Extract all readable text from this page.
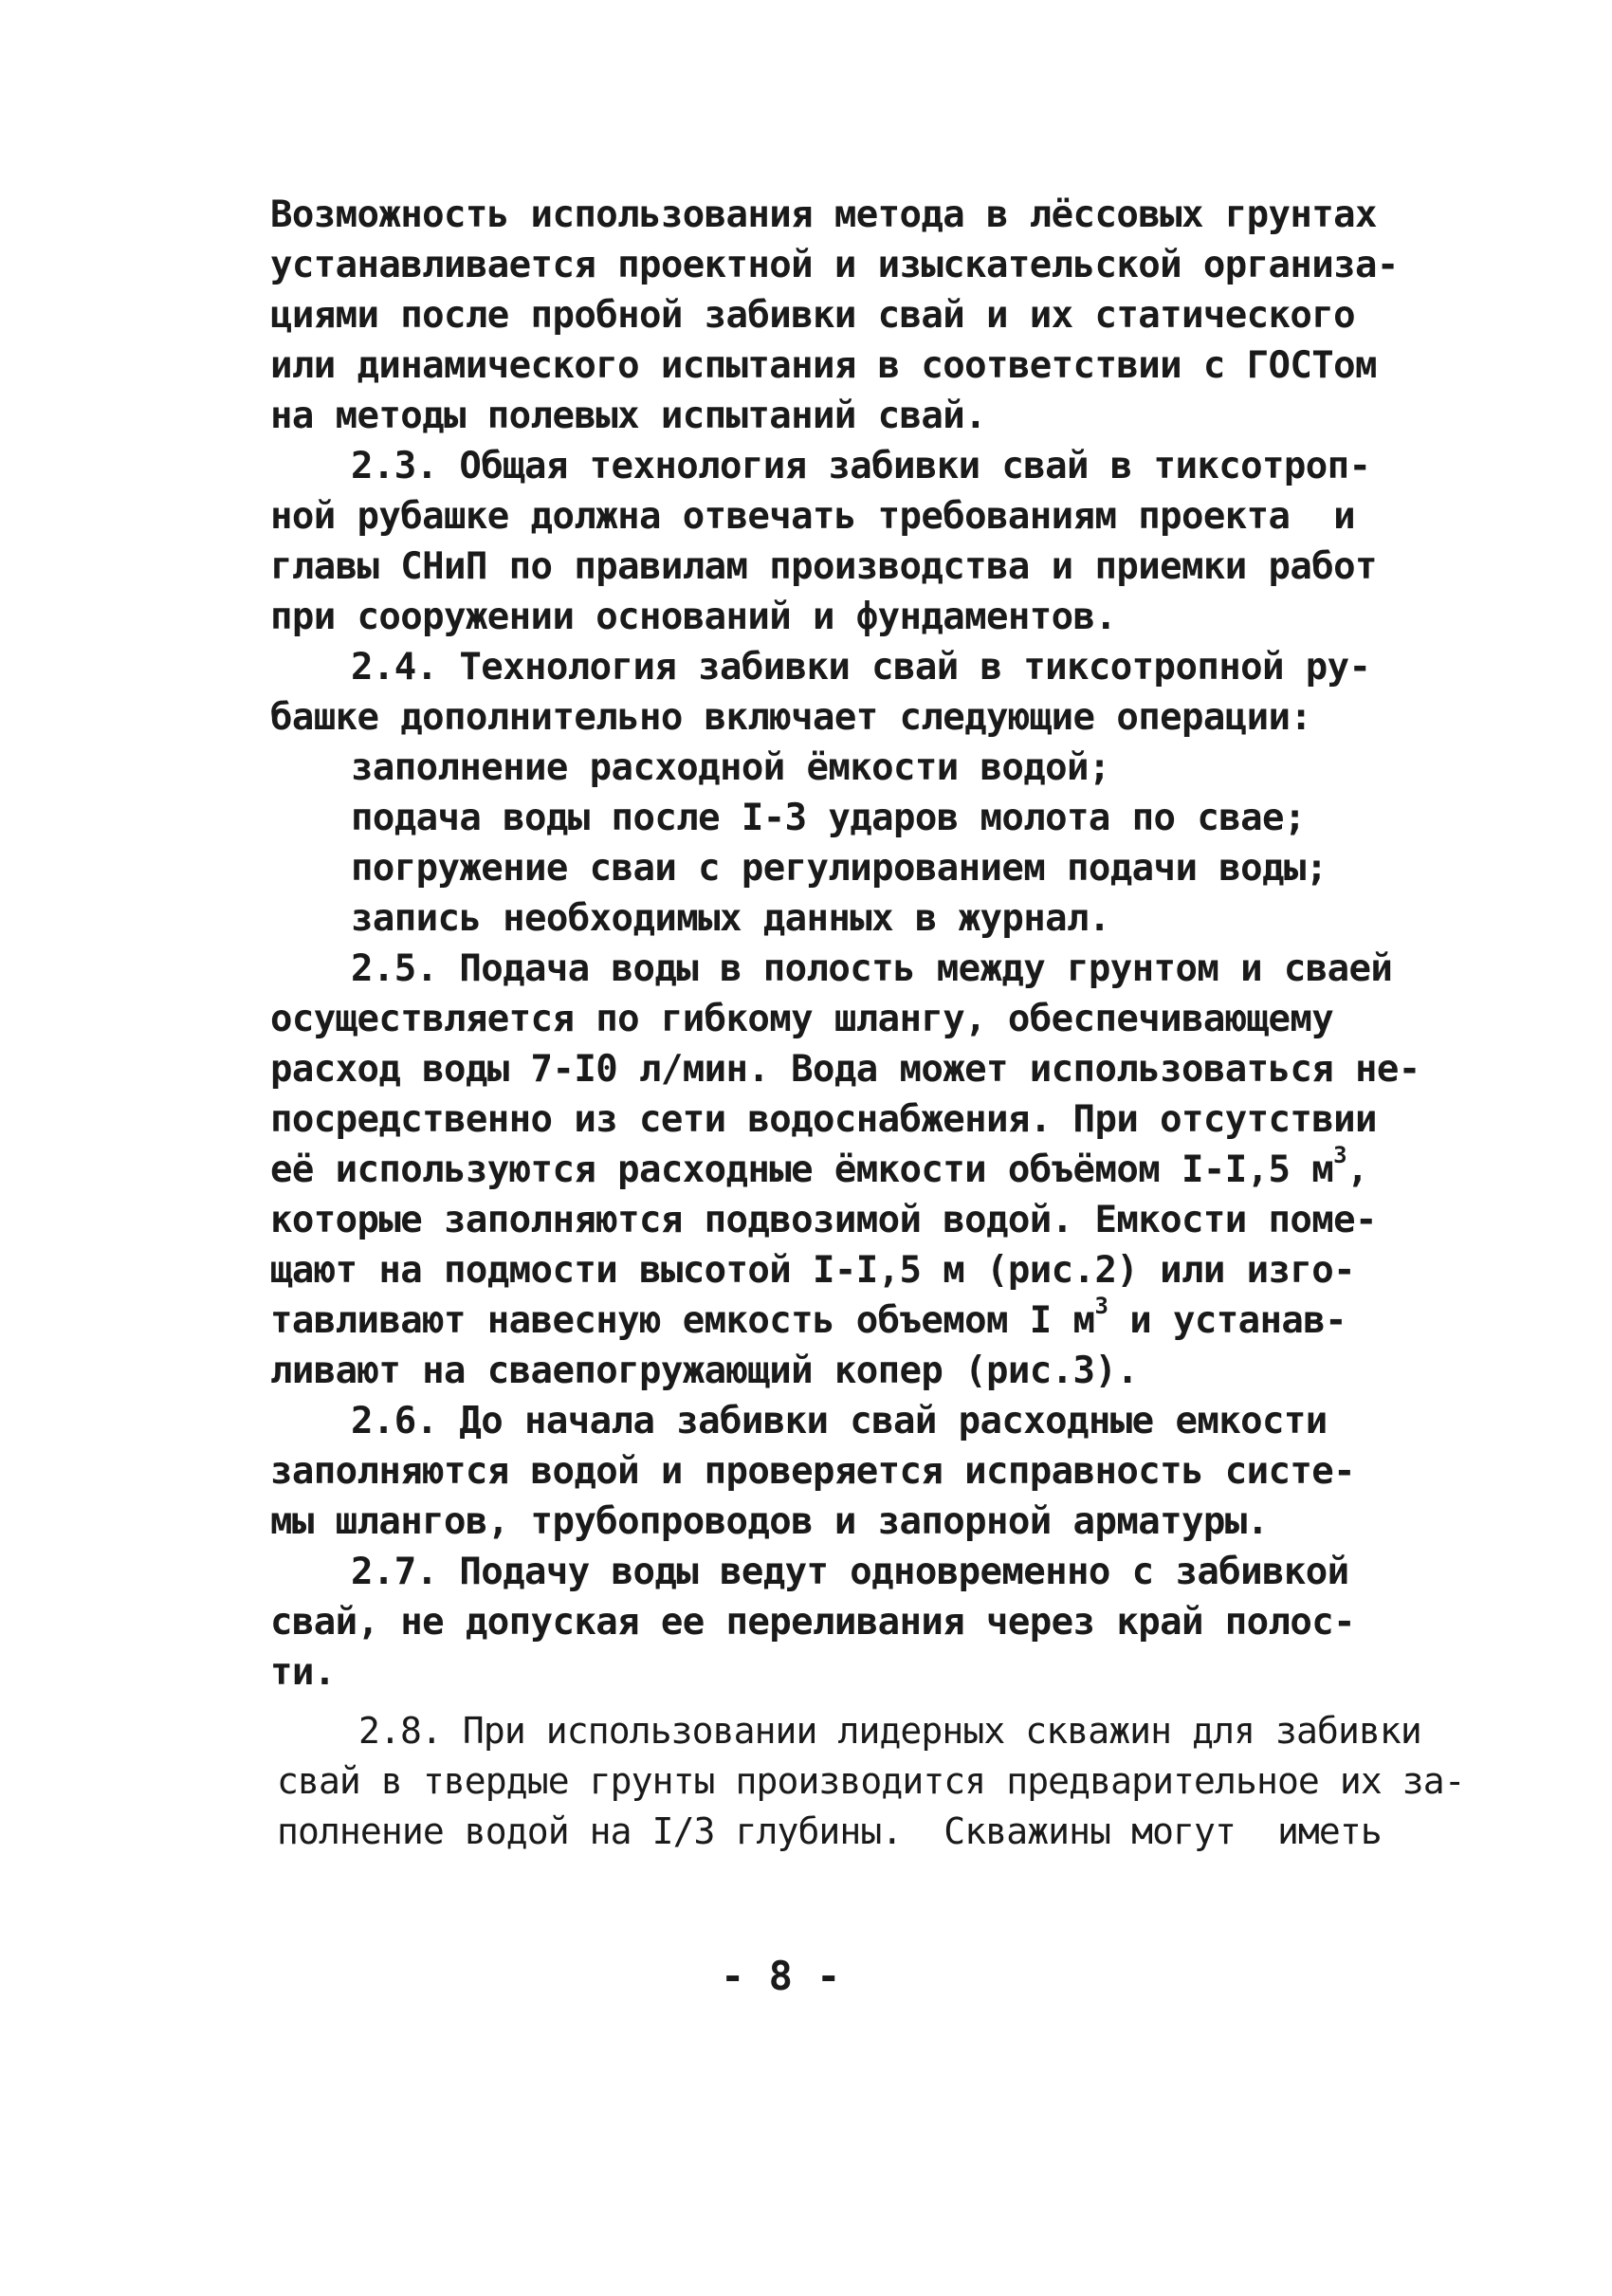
Возможность использования метода в лёссовых грунтах
устанавливается проектной и изыскательской организа-
циями после пробной забивки свай и их статического
или динамического испытания в соответствии с ГОСТом
на методы полевых испытаний свай.
2.3. Общая технология забивки свай в тиксотроп-
ной рубашке должна отвечать требованиям проекта  и
главы СНиП по правилам производства и приемки работ
при сооружении оснований и фундаментов.
2.4. Технология забивки свай в тиксотропной ру-
башке дополнительно включает следующие операции:
заполнение расходной ёмкости водой;
подача воды после I-3 ударов молота по свае;
погружение сваи с регулированием подачи воды;
запись необходимых данных в журнал.
2.5. Подача воды в полость между грунтом и сваей
осуществляется по гибкому шлангу, обеспечивающему
расход воды 7-I0 л/мин. Вода может использоваться не-
посредственно из сети водоснабжения. При отсутствии
её используются расходные ёмкости объёмом I-I,5 $м^3$,
которые заполняются подвозимой водой. Емкости поме-
щают на подмости высотой I-I,5 м (рис.2) или изго-
тавливают навесную емкость объемом I $м^3$ и устанав-
ливают на сваепогружающий копер (рис.3).
2.6. До начала забивки свай расходные емкости
заполняются водой и проверяется исправность систе-
мы шлангов, трубопроводов и запорной арматуры.
2.7. Подачу воды ведут одновременно с забивкой
свай, не допуская ее переливания через край полос-
ти.
2.8. При использовании лидерных скважин для забивки
свай в твердые грунты производится предварительное их за-
полнение водой на I/3 глубины.  Скважины могут  иметь
- 8 -
